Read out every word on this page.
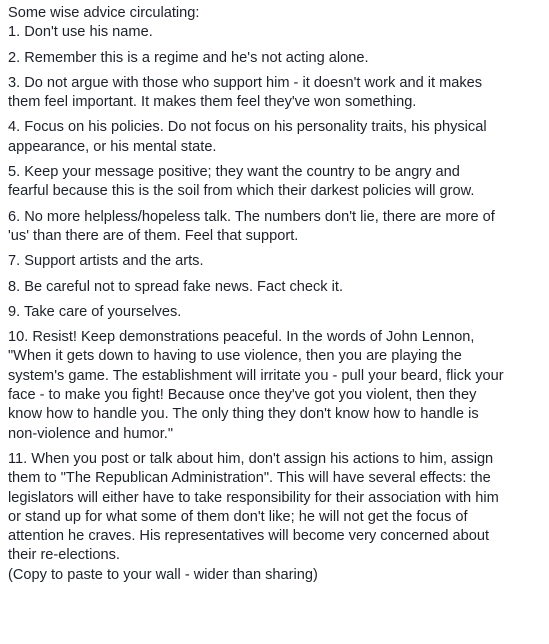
Some wise advice circulating:

1. Don't use his name.

2. Remember this is a regime and he's not acting alone.

3. Do not argue with those who support him - it doesn't work and it makes
them feel important. It makes them feel they've won something.

4. Focus on his policies. Do not focus on his personality traits, his physical
appearance, or his mental state.

5. Keep your message positive; they want the country to be angry and
fearful because this is the soil from which their darkest policies will grow.

6. No more helpless/hopeless talk. The numbers don't lie, there are more of
'us' than there are of them. Feel that support.

7. Support artists and the arts.

8. Be careful not to spread fake news. Fact check it.

9. Take care of yourselves.

10. Resist! Keep demonstrations peaceful. In the words of John Lennon,
"When it gets down to having to use violence, then you are playing the
system's game. The establishment will irritate you - pull your beard, flick your
face - to make you fight! Because once they've got you violent, then they
know how to handle you. The only thing they don't know how to handle is
non-violence and humor."

11. When you post or talk about him, don't assign his actions to him, assign
them to "The Republican Administration". This will have several effects: the
legislators will either have to take responsibility for their association with him
or stand up for what some of them don't like; he will not get the focus of
attention he craves. His representatives will become very concerned about
their re-elections.

(Copy to paste to your wall - wider than sharing)
